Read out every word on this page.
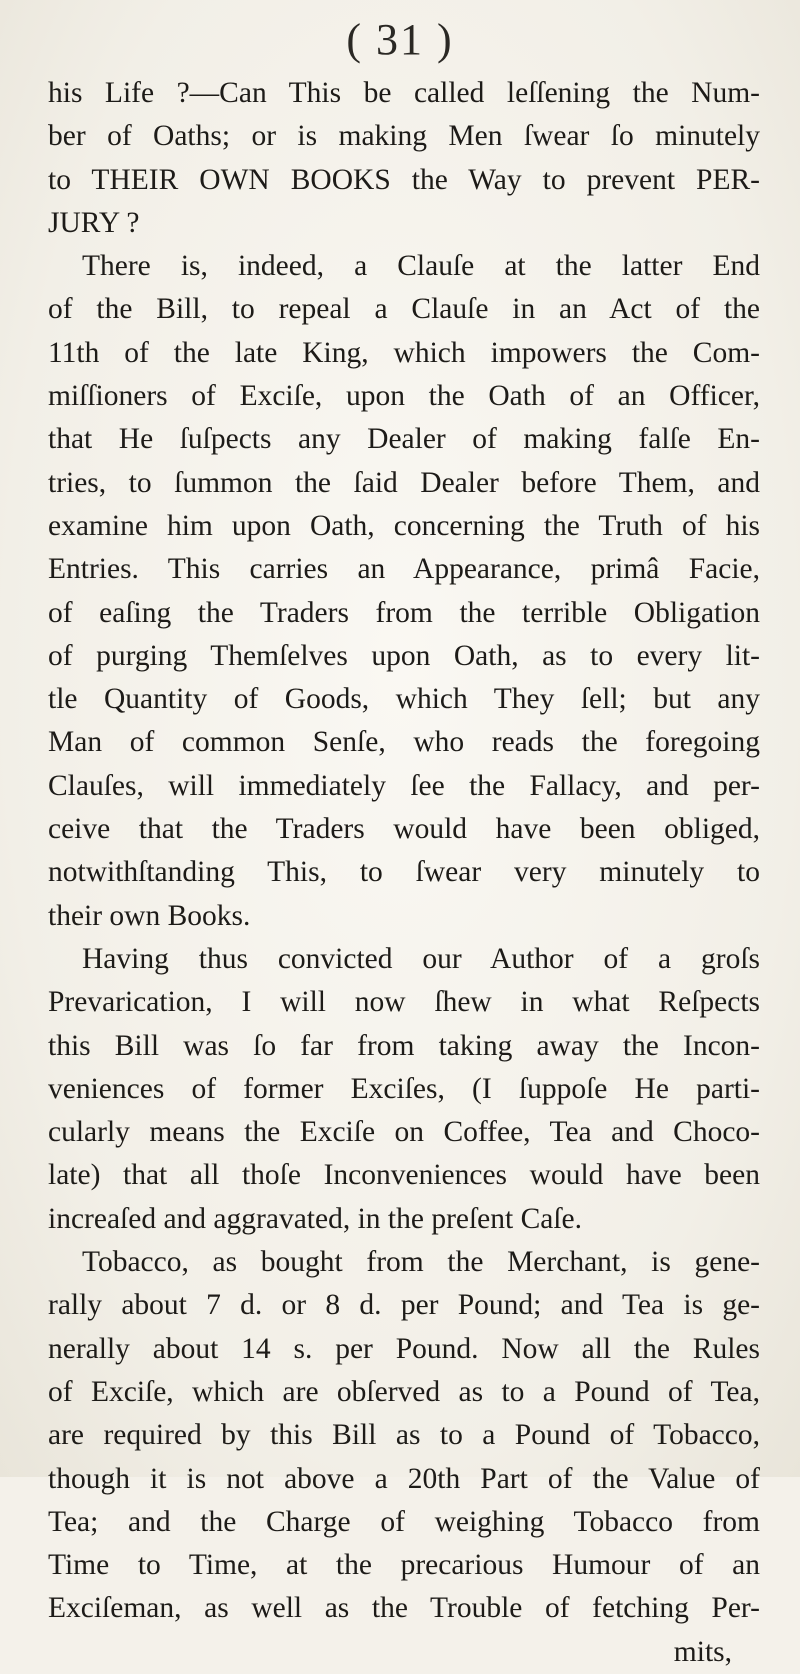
( 31 )
his Life ?—Can This be called leſſening the Num-
ber of Oaths; or is making Men ſwear ſo minutely
to THEIR OWN BOOKS the Way to prevent PER-
JURY ?
There is, indeed, a Clauſe at the latter End
of the Bill, to repeal a Clauſe in an Act of the
11th of the late King, which impowers the Com-
miſſioners of Exciſe, upon the Oath of an Officer,
that He ſuſpects any Dealer of making falſe En-
tries, to ſummon the ſaid Dealer before Them, and
examine him upon Oath, concerning the Truth of his
Entries. This carries an Appearance, primâ Facie,
of eaſing the Traders from the terrible Obligation
of purging Themſelves upon Oath, as to every lit-
tle Quantity of Goods, which They ſell; but any
Man of common Senſe, who reads the foregoing
Clauſes, will immediately ſee the Fallacy, and per-
ceive that the Traders would have been obliged,
notwithſtanding This, to ſwear very minutely to
their own Books.
Having thus convicted our Author of a groſs
Prevarication, I will now ſhew in what Reſpects
this Bill was ſo far from taking away the Incon-
veniences of former Exciſes, (I ſuppoſe He parti-
cularly means the Exciſe on Coffee, Tea and Choco-
late) that all thoſe Inconveniences would have been
increaſed and aggravated, in the preſent Caſe.
Tobacco, as bought from the Merchant, is gene-
rally about 7 d. or 8 d. per Pound; and Tea is ge-
nerally about 14 s. per Pound. Now all the Rules
of Exciſe, which are obſerved as to a Pound of Tea,
are required by this Bill as to a Pound of Tobacco,
though it is not above a 20th Part of the Value of
Tea; and the Charge of weighing Tobacco from
Time to Time, at the precarious Humour of an
Exciſeman, as well as the Trouble of fetching Per-
mits,
